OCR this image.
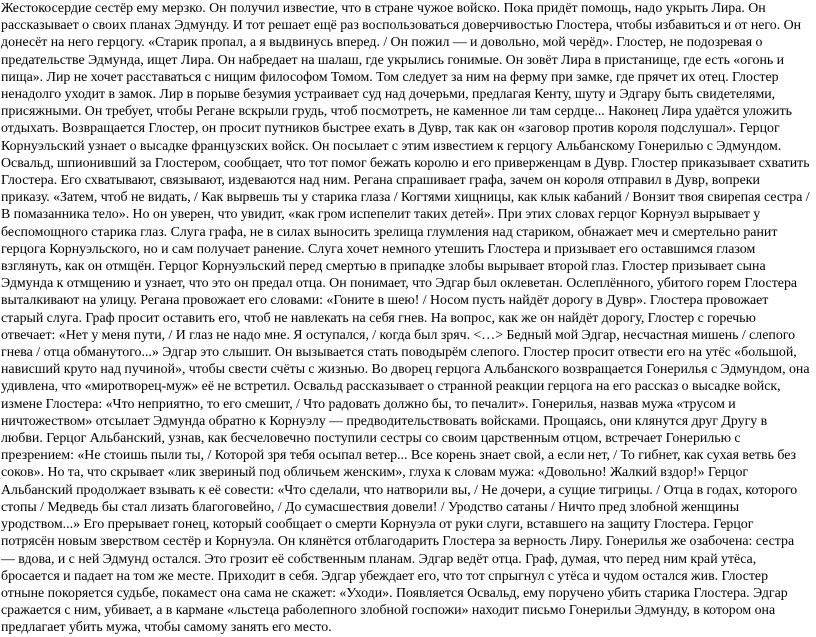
Жестокосердие сестёр ему мерзко. Он получил известие, что в стране чужое войско. Пока придёт помощь, надо укрыть Лира. Он рассказывает о своих планах Эдмунду. И тот решает ещё раз воспользоваться доверчивостью Глостера, чтобы избавиться и от него. Он донесёт на него герцогу. «Старик пропал, а я выдвинусь вперед. / Он пожил — и довольно, мой черёд». Глостер, не подозревая о предательстве Эдмунда, ищет Лира. Он набредает на шалаш, где укрылись гонимые. Он зовёт Лира в пристанище, где есть «огонь и пища». Лир не хочет расставаться с нищим философом Томом. Том следует за ним на ферму при замке, где прячет их отец. Глостер ненадолго уходит в замок. Лир в порыве безумия устраивает суд над дочерьми, предлагая Кенту, шуту и Эдгару быть свидетелями, присяжными. Он требует, чтобы Регане вскрыли грудь, чтоб посмотреть, не каменное ли там сердце... Наконец Лира удаётся уложить отдыхать. Возвращается Глостер, он просит путников быстрее ехать в Дувр, так как он «заговор против короля подслушал». Герцог Корнуэльский узнает о высадке французских войск. Он посылает с этим известием к герцогу Альбанскому Гонерилью с Эдмундом. Освальд, шпионивший за Глостером, сообщает, что тот помог бежать королю и его приверженцам в Дувр. Глостер приказывает схватить Глостера. Его схватывают, связывают, издеваются над ним. Регана спрашивает графа, зачем он короля отправил в Дувр, вопреки приказу. «Затем, чтоб не видать, / Как вырвешь ты у старика глаза / Когтями хищницы, как клык кабаний / Вонзит твоя свирепая сестра / В помазанника тело». Но он уверен, что увидит, «как гром испепелит таких детей». При этих словах герцог Корнуэл вырывает у беспомощного старика глаз. Слуга графа, не в силах выносить зрелища глумления над стариком, обнажает меч и смертельно ранит герцога Корнуэльского, но и сам получает ранение. Слуга хочет немного утешить Глостера и призывает его оставшимся глазом взглянуть, как он отмщён. Герцог Корнуэльский перед смертью в припадке злобы вырывает второй глаз. Глостер призывает сына Эдмунда к отмщению и узнает, что это он предал отца. Он понимает, что Эдгар был оклеветан. Ослеплённого, убитого горем Глостера выталкивают на улицу. Регана провожает его словами: «Гоните в шею! / Носом пусть найдёт дорогу в Дувр». Глостера провожает старый слуга. Граф просит оставить его, чтоб не навлекать на себя гнев. На вопрос, как же он найдёт дорогу, Глостер с горечью отвечает: «Нет у меня пути, / И глаз не надо мне. Я оступался, / когда был зряч. <…> Бедный мой Эдгар, несчастная мишень / слепого гнева / отца обманутого...» Эдгар это слышит. Он вызывается стать поводырём слепого. Глостер просит отвести его на утёс «большой, нависший круто над пучиной», чтобы свести счёты с жизнью. Во дворец герцога Альбанского возвращается Гонерилья с Эдмундом, она удивлена, что «миротворец-муж» её не встретил. Освальд рассказывает о странной реакции герцога на его рассказ о высадке войск, измене Глостера: «Что неприятно, то его смешит, / Что радовать должно бы, то печалит». Гонерилья, назвав мужа «трусом и ничтожеством» отсылает Эдмунда обратно к Корнуэлу — предводительствовать войсками. Прощаясь, они клянутся друг Другу в любви. Герцог Альбанский, узнав, как бесчеловечно поступили сестры со своим царственным отцом, встречает Гонерилью с презрением: «Не стоишь пыли ты, / Которой зря тебя осыпал ветер... Все корень знает свой, а если нет, / То гибнет, как сухая ветвь без соков». Но та, что скрывает «лик звериный под обличьем женским», глуха к словам мужа: «Довольно! Жалкий вздор!» Герцог Альбанский продолжает взывать к её совести: «Что сделали, что натворили вы, / Не дочери, а сущие тигрицы. / Отца в годах, которого стопы / Медведь бы стал лизать благоговейно, / До сумасшествия довели! / Уродство сатаны / Ничто пред злобной женщины уродством...» Его прерывает гонец, который сообщает о смерти Корнуэла от руки слуги, вставшего на защиту Глостера. Герцог потрясён новым зверством сестёр и Корнуэла. Он клянётся отблагодарить Глостера за верность Лиру. Гонерилья же озабочена: сестра — вдова, и с ней Эдмунд остался. Это грозит её собственным планам. Эдгар ведёт отца. Граф, думая, что перед ним край утёса, бросается и падает на том же месте. Приходит в себя. Эдгар убеждает его, что тот спрыгнул с утёса и чудом остался жив. Глостер отныне покоряется судьбе, покамест она сама не скажет: «Уходи». Появляется Освальд, ему поручено убить старика Глостера. Эдгар сражается с ним, убивает, а в кармане «льстеца раболепного злобной госпожи» находит письмо Гонерильи Эдмунду, в котором она предлагает убить мужа, чтобы самому занять его место.
